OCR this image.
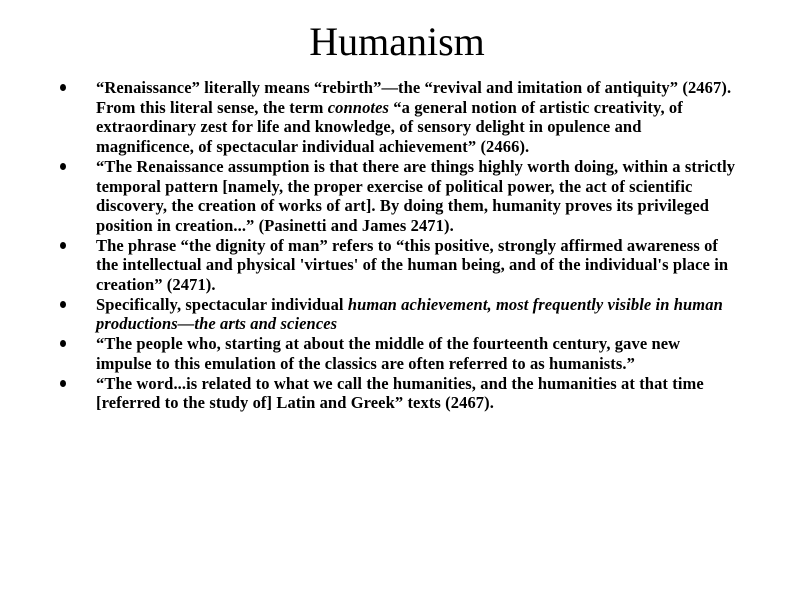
Humanism
“Renaissance” literally means “rebirth”—the “revival and imitation of antiquity” (2467). From this literal sense, the term connotes “a general notion of artistic creativity, of extraordinary zest for life and knowledge, of sensory delight in opulence and magnificence, of spectacular individual achievement” (2466).
“The Renaissance assumption is that there are things highly worth doing, within a strictly temporal pattern [namely, the proper exercise of political power, the act of scientific discovery, the creation of works of art]. By doing them, humanity proves its privileged position in creation...” (Pasinetti and James 2471).
The phrase “the dignity of man” refers to “this positive, strongly affirmed awareness of the intellectual and physical 'virtues' of the human being, and of the individual's place in creation” (2471).
Specifically, spectacular individual human achievement, most frequently visible in human productions—the arts and sciences
“The people who, starting at about the middle of the fourteenth century, gave new impulse to this emulation of the classics are often referred to as humanists.”
“The word...is related to what we call the humanities, and the humanities at that time [referred to the study of] Latin and Greek” texts (2467).
